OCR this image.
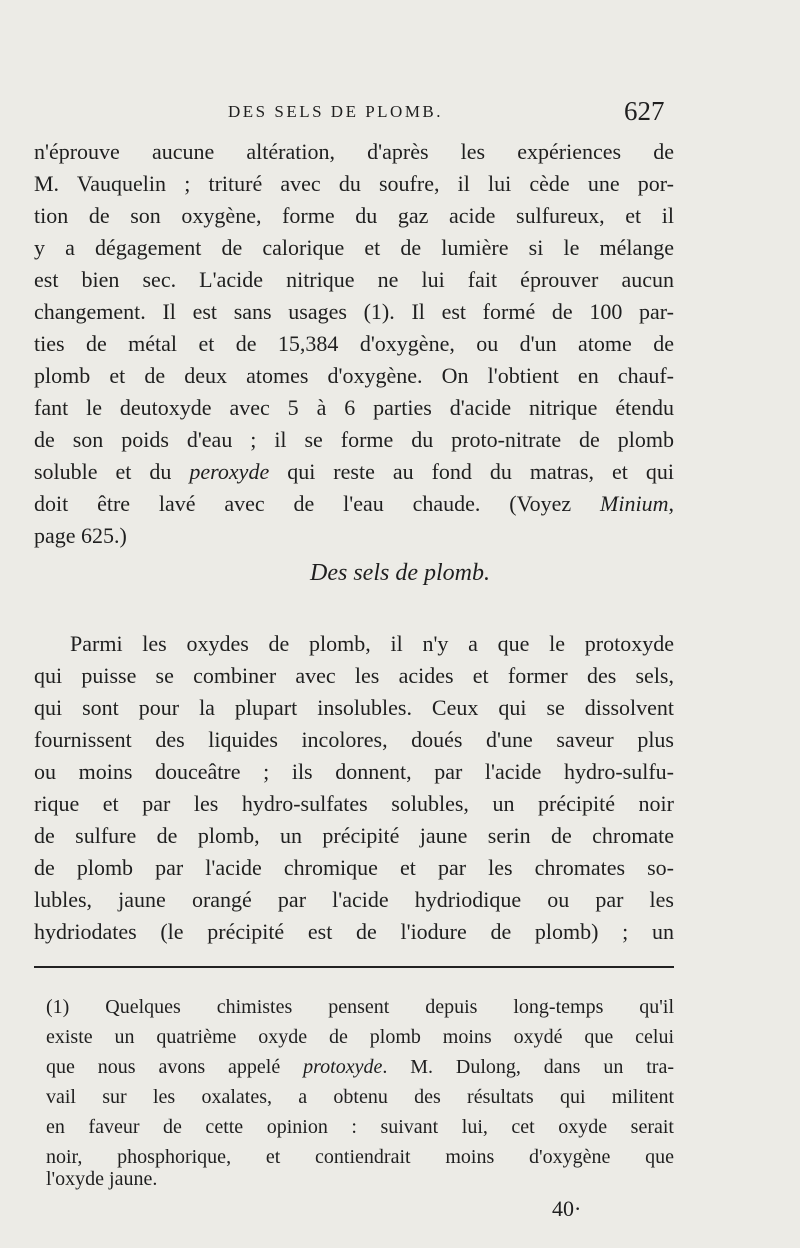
DES SELS DE PLOMB.	627
n'éprouve aucune altération, d'après les expériences de
M. Vauquelin ; trituré avec du soufre, il lui cède une por-
tion de son oxygène, forme du gaz acide sulfureux, et il
y a dégagement de calorique et de lumière si le mélange
est bien sec. L'acide nitrique ne lui fait éprouver aucun
changement. Il est sans usages (1). Il est formé de 100 par-
ties de métal et de 15,384 d'oxygène, ou d'un atome de
plomb et de deux atomes d'oxygène. On l'obtient en chauf-
fant le deutoxyde avec 5 à 6 parties d'acide nitrique étendu
de son poids d'eau ; il se forme du proto-nitrate de plomb
soluble et du peroxyde qui reste au fond du matras, et qui
doit être lavé avec de l'eau chaude. (Voyez Minium,
page 625.)
Des sels de plomb.
Parmi les oxydes de plomb, il n'y a que le protoxyde
qui puisse se combiner avec les acides et former des sels,
qui sont pour la plupart insolubles. Ceux qui se dissolvent
fournissent des liquides incolores, doués d'une saveur plus
ou moins douceâtre ; ils donnent, par l'acide hydro-sulfu-
rique et par les hydro-sulfates solubles, un précipité noir
de sulfure de plomb, un précipité jaune serin de chromate
de plomb par l'acide chromique et par les chromates so-
lubles, jaune orangé par l'acide hydriodique ou par les
hydriodates (le précipité est de l'iodure de plomb) ; un
(1) Quelques chimistes pensent depuis long-temps qu'il
existe un quatrième oxyde de plomb moins oxydé que celui
que nous avons appelé protoxyde. M. Dulong, dans un tra-
vail sur les oxalates, a obtenu des résultats qui militent
en faveur de cette opinion : suivant lui, cet oxyde serait
noir, phosphorique, et contiendrait moins d'oxygène que
l'oxyde jaune.
40·
